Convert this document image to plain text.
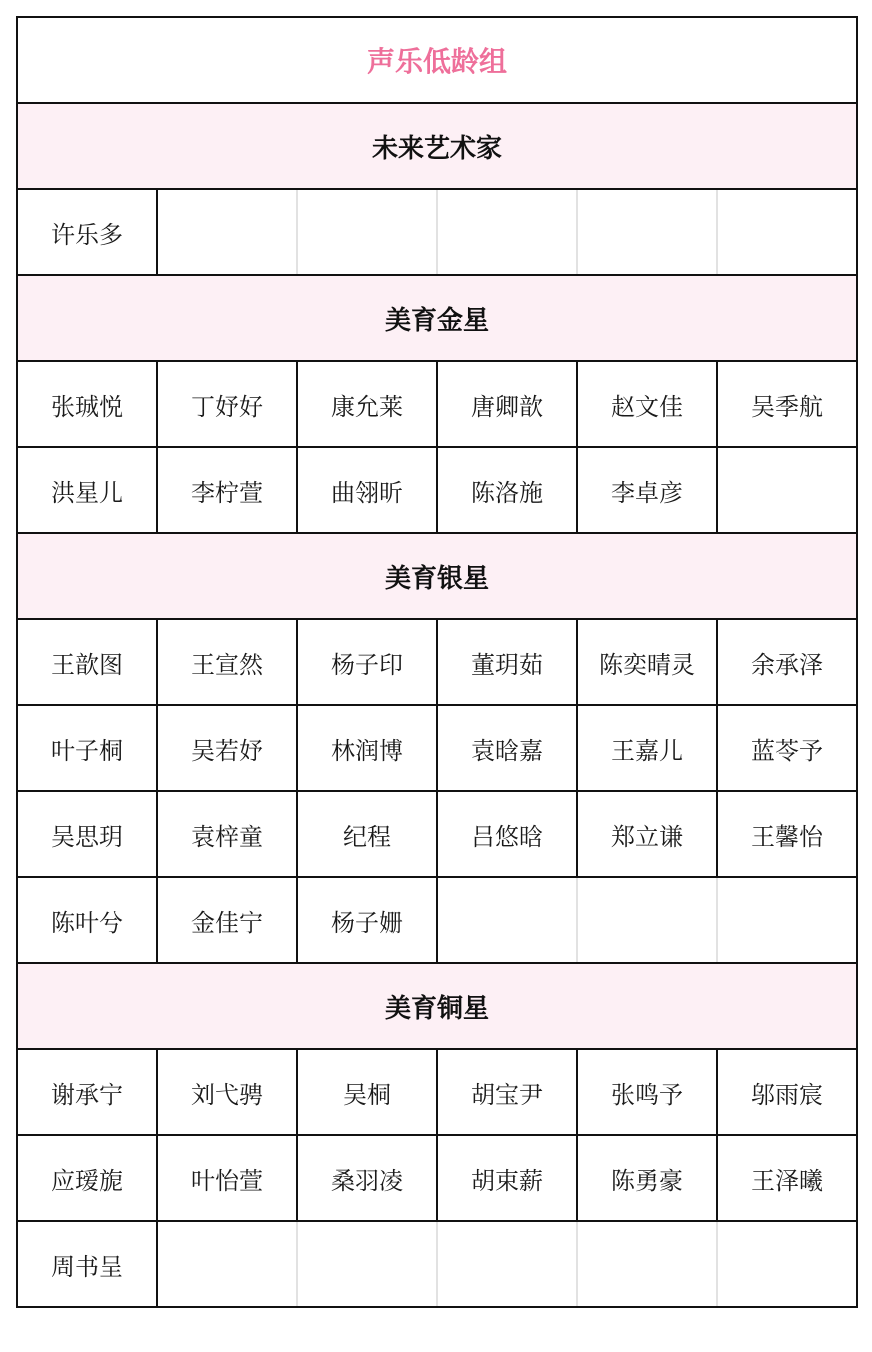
声乐低龄组					
未来艺术家					
许乐多					
美育金星					
张珹悦	丁妤好	康允莱	唐卿歆	赵文佳	吴季航
洪星儿	李柠萱	曲翎昕	陈洛施	李卓彦	
美育银星					
王歆图	王宣然	杨子印	董玥茹	陈奕晴灵	余承泽
叶子桐	吴若妤	林润博	袁晗嘉	王嘉儿	蓝苓予
吴思玥	袁梓童	纪程	吕悠晗	郑立谦	王馨怡
陈叶兮	金佳宁	杨子姗			
美育铜星					
谢承宁	刘弋骋	吴桐	胡宝尹	张鸣予	邬雨宸
应瑷旎	叶怡萱	桑羽凌	胡束薪	陈勇豪	王泽曦
周书呈					
